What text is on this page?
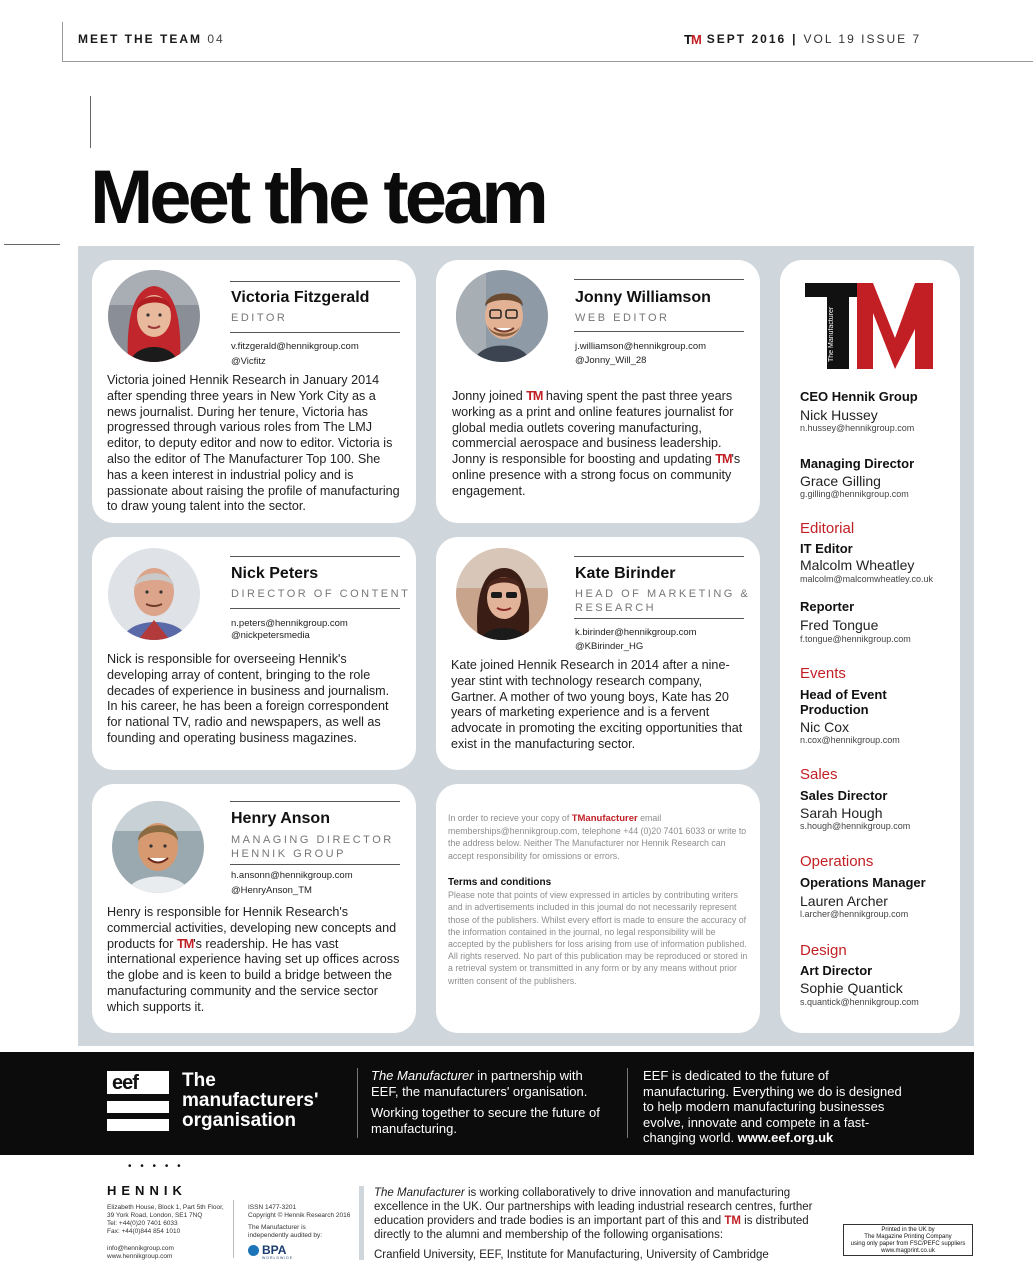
MEET THE TEAM 04	T M SEPT 2016 | VOL 19 ISSUE 7
Meet the team
Victoria Fitzgerald
EDITOR
v.fitzgerald@hennikgroup.com
@Vicfitz
Victoria joined Hennik Research in January 2014 after spending three years in New York City as a news journalist. During her tenure, Victoria has progressed through various roles from The LMJ editor, to deputy editor and now to editor. Victoria is also the editor of The Manufacturer Top 100. She has a keen interest in industrial policy and is passionate about raising the profile of manufacturing to draw young talent into the sector.
Jonny Williamson
WEB EDITOR
j.williamson@hennikgroup.com
@Jonny_Will_28
Jonny joined TM having spent the past three years working as a print and online features journalist for global media outlets covering manufacturing, commercial aerospace and business leadership. Jonny is responsible for boosting and updating TM's online presence with a strong focus on community engagement.
Nick Peters
DIRECTOR OF CONTENT
n.peters@hennikgroup.com
@nickpetersmedia
Nick is responsible for overseeing Hennik's developing array of content, bringing to the role decades of experience in business and journalism. In his career, he has been a foreign correspondent for national TV, radio and newspapers, as well as founding and operating business magazines.
Kate Birinder
HEAD OF MARKETING &
RESEARCH
k.birinder@hennikgroup.com
@KBirinder_HG
Kate joined Hennik Research in 2014 after a nine-year stint with technology research company, Gartner. A mother of two young boys, Kate has 20 years of marketing experience and is a fervent advocate in promoting the exciting opportunities that exist in the manufacturing sector.
Henry Anson
MANAGING DIRECTOR
HENNIK GROUP
h.ansonn@hennikgroup.com
@HenryAnson_TM
Henry is responsible for Hennik Research's commercial activities, developing new concepts and products for TM's readership. He has vast international experience having set up offices across the globe and is keen to build a bridge between the manufacturing community and the service sector which supports it.
In order to recieve your copy of TManufacturer email memberships@hennikgroup.com, telephone +44 (0)20 7401 6033 or write to the address below. Neither The Manufacturer nor Hennik Research can accept responsibility for omissions or errors.
Terms and conditions
Please note that points of view expressed in articles by contributing writers and in advertisements included in this journal do not necessarily represent those of the publishers. Whilst every effort is made to ensure the accuracy of the information contained in the journal, no legal responsibility will be accepted by the publishers for loss arising from use of information published. All rights reserved. No part of this publication may be reproduced or stored in a retrieval system or transmitted in any form or by any means without prior written consent of the publishers.
The Manufacturer
CEO Hennik Group
Nick Hussey
n.hussey@hennikgroup.com
Managing Director
Grace Gilling
g.gilling@hennikgroup.com
Editorial
IT Editor
Malcolm Wheatley
malcolm@malcomwheatley.co.uk
Reporter
Fred Tongue
f.tongue@hennikgroup.com
Events
Head of Event Production
Nic Cox
n.cox@hennikgroup.com
Sales
Sales Director
Sarah Hough
s.hough@hennikgroup.com
Operations
Operations Manager
Lauren Archer
l.archer@hennikgroup.com
Design
Art Director
Sophie Quantick
s.quantick@hennikgroup.com
eef The
manufacturers'
organisation
The Manufacturer in partnership with EEF, the manufacturers' organisation.
Working together to secure the future of manufacturing.
EEF is dedicated to the future of manufacturing. Everything we do is designed to help modern manufacturing businesses evolve, innovate and compete in a fast-changing world. www.eef.org.uk
• • • • •
HENNIK
Elizabeth House, Block 1, Part 5th Floor,
39 York Road, London, SE1 7NQ
Tel: +44(0)20 7401 6033
Fax: +44(0)844 854 1010
info@hennikgroup.com
www.hennikgroup.com
ISSN 1477-3201
Copyright © Hennik Research 2016
The Manufacturer is
independently audited by:
BPA
WORLDWIDE
The Manufacturer is working collaboratively to drive innovation and manufacturing excellence in the UK. Our partnerships with leading industrial research centres, further education providers and trade bodies is an important part of this and TM is distributed directly to the alumni and membership of the following organisations:
Cranfield University, EEF, Institute for Manufacturing, University of Cambridge
Printed in the UK by
The Magazine Printing Company
using only paper from FSC/PEFC suppliers
www.magprint.co.uk
